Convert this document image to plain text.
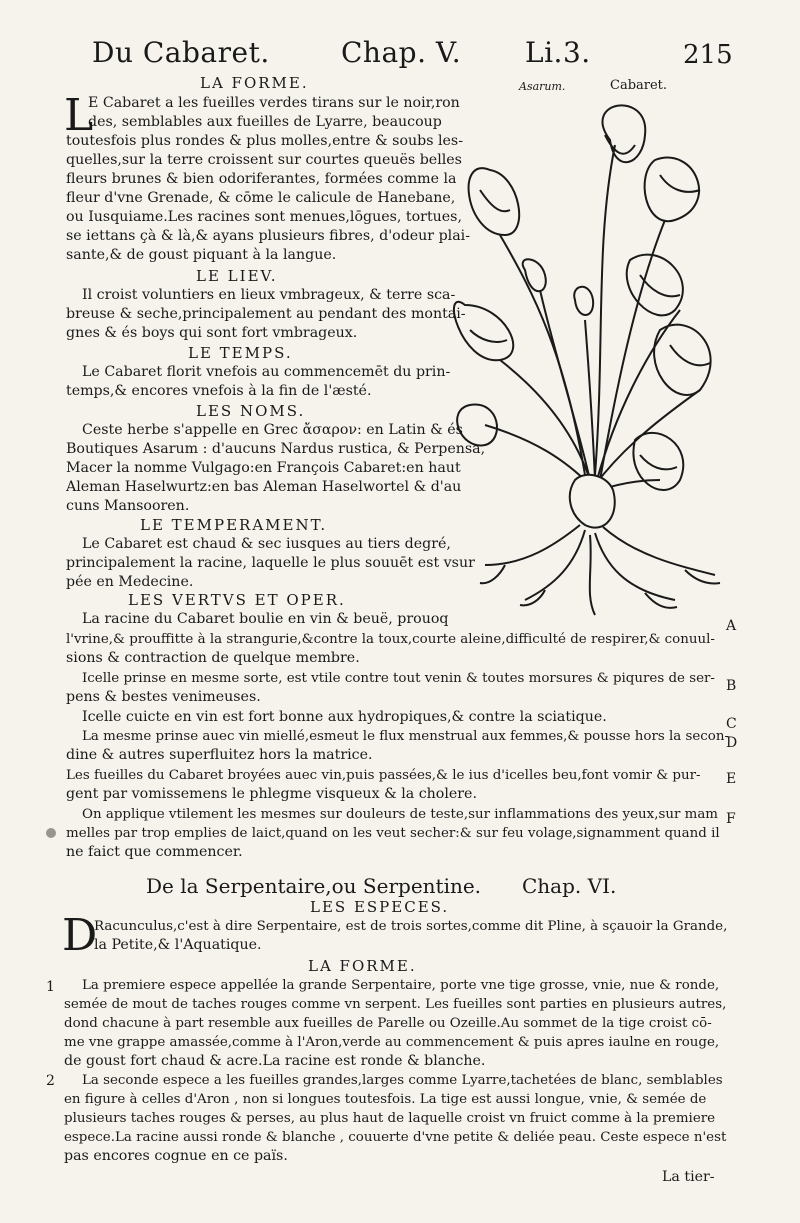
Du Cabaret.	Chap. V. Li.3.	215
Asarum.	Cabaret.
LA FORME.
L
E Cabaret a les fueilles verdes tirans sur le noir,ron
des, semblables aux fueilles de Lyarre, beaucoup
toutesfois plus rondes & plus molles,entre & soubs les-
quelles,sur la terre croissent sur courtes queuës belles
fleurs brunes & bien odoriferantes, formées comme la
fleur d'vne Grenade, & cōme le calicule de Hanebane,
ou Iusquiame.Les racines sont menues,lōgues, tortues,
se iettans çà & là,& ayans plusieurs fibres, d'odeur plai-
sante,& de goust piquant à la langue.
LE LIEV.
Il croist voluntiers en lieux vmbrageux, & terre sca-
breuse & seche,principalement au pendant des montai-
gnes & és boys qui sont fort vmbrageux.
LE TEMPS.
Le Cabaret florit vnefois au commencemēt du prin-
temps,& encores vnefois à la fin de l'æsté.
LES NOMS.
Ceste herbe s'appelle en Grec ἄσαρον: en Latin & és
Boutiques Asarum : d'aucuns Nardus rustica, & Perpensa,
Macer la nomme Vulgago:en François Cabaret:en haut
Aleman Haselwurtz:en bas Aleman Haselwortel & d'au
cuns Mansooren.
LE TEMPERAMENT.
Le Cabaret est chaud & sec iusques au tiers degré,
principalement la racine, laquelle le plus souuēt est vsur
pée en Medecine.
LES VERTVS ET OPER.
La racine du Cabaret boulie en vin & beuë, prouoq
l'vrine,& prouffitte à la strangurie,&contre la toux,courte aleine,difficulté de respirer,& conuul-
sions & contraction de quelque membre.
Icelle prinse en mesme sorte, est vtile contre tout venin & toutes morsures & piqures de ser-
pens & bestes venimeuses.
Icelle cuicte en vin est fort bonne aux hydropiques,& contre la sciatique.
La mesme prinse auec vin miellé,esmeut le flux menstrual aux femmes,& pousse hors la secon-
dine & autres superfluitez hors la matrice.
Les fueilles du Cabaret broyées auec vin,puis passées,& le ius d'icelles beu,font vomir & pur-
gent par vomissemens le phlegme visqueux & la cholere.
On applique vtilement les mesmes sur douleurs de teste,sur inflammations des yeux,sur mam
melles par trop emplies de laict,quand on les veut secher:& sur feu volage,signamment quand il
ne faict que commencer.
A
B
C
D
E
F
De la Serpentaire,ou Serpentine. Chap. VI.
LES ESPECES.
D
Racunculus,c'est à dire Serpentaire, est de trois sortes,comme dit Pline, à sçauoir la Grande,
la Petite,& l'Aquatique.
LA FORME.
1 La premiere espece appellée la grande Serpentaire, porte vne tige grosse, vnie, nue & ronde,
semée de mout de taches rouges comme vn serpent. Les fueilles sont parties en plusieurs autres,
dond chacune à part resemble aux fueilles de Parelle ou Ozeille.Au sommet de la tige croist cō-
me vne grappe amassée,comme à l'Aron,verde au commencement & puis apres iaulne en rouge,
de goust fort chaud & acre.La racine est ronde & blanche.
2 La seconde espece a les fueilles grandes,larges comme Lyarre,tachetées de blanc, semblables
en figure à celles d'Aron , non si longues toutesfois. La tige est aussi longue, vnie, & semée de
plusieurs taches rouges & perses, au plus haut de laquelle croist vn fruict comme à la premiere
espece.La racine aussi ronde & blanche , couuerte d'vne petite & deliée peau. Ceste espece n'est
pas encores cognue en ce païs.
La tier-
